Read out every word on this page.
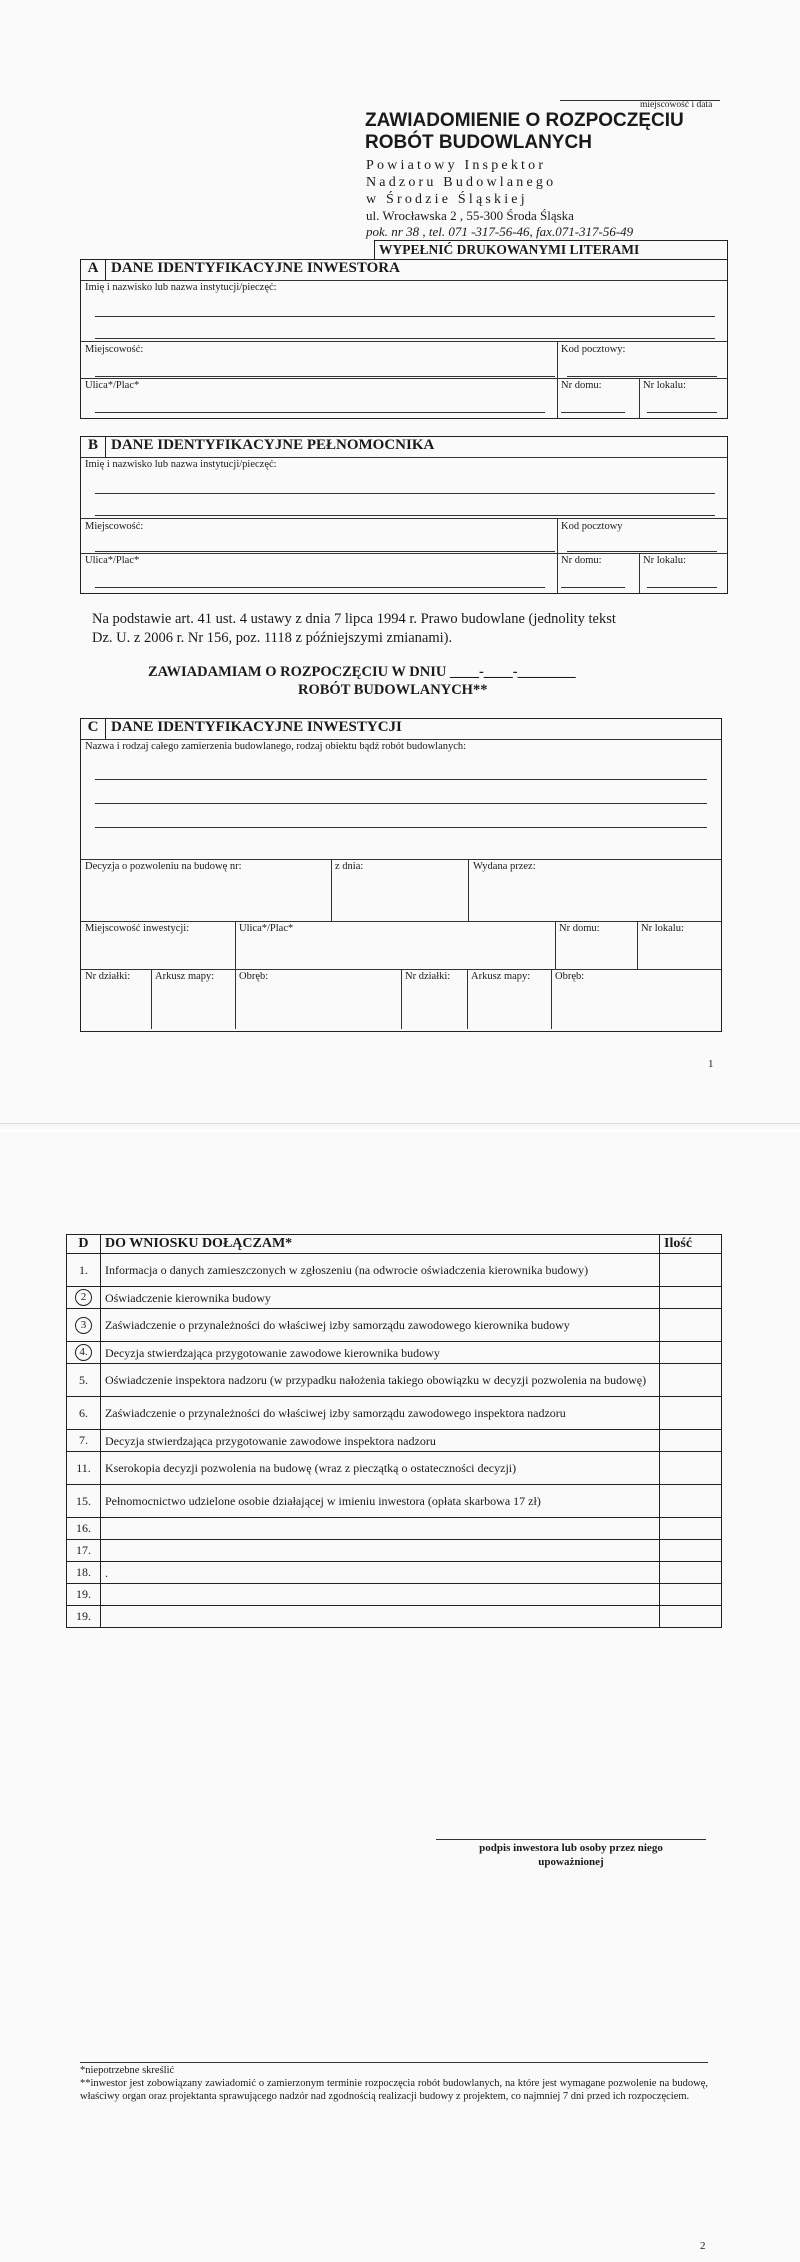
miejscowość i data
ZAWIADOMIENIE O ROZPOCZĘCIU
ROBÓT BUDOWLANYCH
Powiatowy Inspektor
Nadzoru Budowlanego
w Środzie Śląskiej
ul. Wrocławska 2 , 55-300 Środa Śląska
pok. nr 38 , tel. 071 -317-56-46, fax.071-317-56-49
WYPEŁNIĆ DRUKOWANYMI LITERAMI
A DANE IDENTYFIKACYJNE INWESTORA
Imię i nazwisko lub nazwa instytucji/pieczęć:
Miejscowość:	Kod pocztowy:
Ulica*/Plac*	Nr domu:	Nr lokalu:
B DANE IDENTYFIKACYJNE PEŁNOMOCNIKA
Imię i nazwisko lub nazwa instytucji/pieczęć:
Miejscowość:	Kod pocztowy
Ulica*/Plac*	Nr domu:	Nr lokalu:
Na podstawie art. 41 ust. 4 ustawy z dnia 7 lipca 1994 r. Prawo budowlane (jednolity tekst
Dz. U. z 2006 r. Nr 156, poz. 1118 z późniejszymi zmianami).
ZAWIADAMIAM O ROZPOCZĘCIU W DNIU ____-____-________
ROBÓT BUDOWLANYCH**
C DANE IDENTYFIKACYJNE INWESTYCJI
Nazwa i rodzaj całego zamierzenia budowlanego, rodzaj obiektu bądź robót budowlanych:
Decyzja o pozwoleniu na budowę nr:	z dnia:	Wydana przez:
Miejscowość inwestycji:	Ulica*/Plac*	Nr domu:	Nr lokalu:
Nr działki: Arkusz mapy: Obręb:	Nr działki: Arkusz mapy: Obręb:
1
D	DO WNIOSKU DOŁĄCZAM*	Ilość
1.	Informacja o danych zamieszczonych w zgłoszeniu (na odwrocie oświadczenia kierownika budowy)	
2	Oświadczenie kierownika budowy	
3	Zaświadczenie o przynależności do właściwej izby samorządu zawodowego kierownika budowy	
4.	Decyzja stwierdzająca przygotowanie zawodowe kierownika budowy	
5.	Oświadczenie inspektora nadzoru (w przypadku nałożenia takiego obowiązku w decyzji pozwolenia na budowę)	
6.	Zaświadczenie o przynależności do właściwej izby samorządu zawodowego inspektora nadzoru	
7.	Decyzja stwierdzająca przygotowanie zawodowe inspektora nadzoru	
11.	Kserokopia decyzji pozwolenia na budowę (wraz z pieczątką o ostateczności decyzji)	
15.	Pełnomocnictwo udzielone osobie działającej w imieniu inwestora (opłata skarbowa 17 zł)	
16.		
17.		
18.	.	
19.		
19.		
podpis inwestora lub osoby przez niego
upoważnionej
*niepotrzebne skreślić
**inwestor jest zobowiązany zawiadomić o zamierzonym terminie rozpoczęcia robót budowlanych, na które jest wymagane pozwolenie na budowę, właściwy organ oraz projektanta sprawującego nadzór nad zgodnością realizacji budowy z projektem, co najmniej 7 dni przed ich rozpoczęciem.
2
